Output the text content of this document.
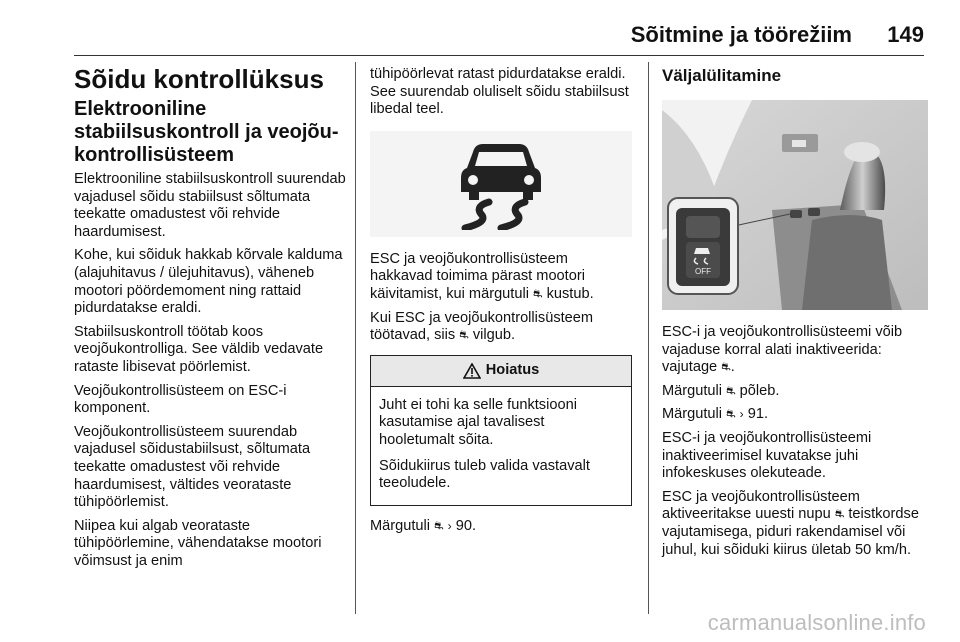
Sõitmine ja töörežiim 149
Sõidu kontrollüksus
Elektrooniline stabiilsuskontroll ja veojõu-kontrollisüsteem

Elektrooniline stabiilsuskontroll suurendab vajadusel sõidu stabiilsust sõltumata teekatte omadustest või rehvide haardumisest.

Kohe, kui sõiduk hakkab kõrvale kalduma (alajuhitavus / ülejuhitavus), väheneb mootori pöördemoment ning rattaid pidurdatakse eraldi.

Stabiilsuskontroll töötab koos veojõukontrolliga. See väldib vedavate rataste libisevat pöörlemist.

Veojõukontrollisüsteem on ESC-i komponent.

Veojõukontrollisüsteem suurendab vajadusel sõidustabiilsust, sõltumata teekatte omadustest või rehvide haardumisest, vältides veorataste tühipöörlemist.

Niipea kui algab veorataste tühipöörlemine, vähendatakse mootori võimsust ja enim

tühipöörlevat ratast pidurdatakse eraldi. See suurendab oluliselt sõidu stabiilsust libedal teel.

ESC ja veojõukontrollisüsteem hakkavad toimima pärast mootori käivitamist, kui märgutuli ⛐ kustub.

Kui ESC ja veojõukontrollisüsteem töötavad, siis ⛐ vilgub.

Hoiatus

Juht ei tohi ka selle funktsiooni kasutamise ajal tavalisest hooletumalt sõita.

Sõidukiirus tuleb valida vastavalt teeoludele.

Märgutuli ⛐ › 90.

Väljalülitamine
OFF

ESC-i ja veojõukontrollisüsteemi võib vajaduse korral alati inaktiveerida: vajutage ⛐.

Märgutuli ⛐ põleb.

Märgutuli ⛐ › 91.

ESC-i ja veojõukontrollisüsteemi inaktiveerimisel kuvatakse juhi infokeskuses olekuteade.

ESC ja veojõukontrollisüsteem aktiveeritakse uuesti nupu ⛐ teistkordse vajutamisega, piduri rakendamisel või juhul, kui sõiduki kiirus ületab 50 km/h.

carmanualsonline.info
